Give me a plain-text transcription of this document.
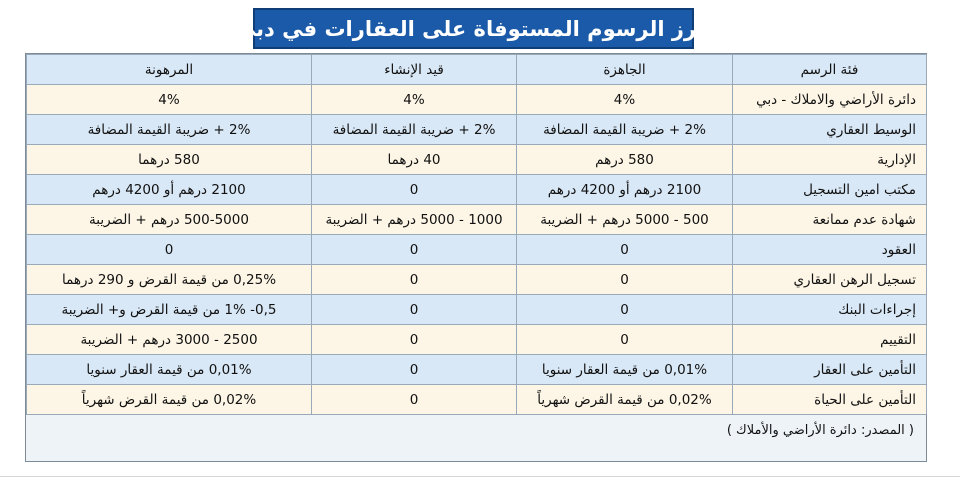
أبرز الرسوم المستوفاة على العقارات في دبي
فئة الرسم	الجاهزة	قيد الإنشاء	المرهونة
دائرة الأراضي والاملاك - دبي	4%	4%	4%
الوسيط العقاري	2% + ضريبة القيمة المضافة	2% + ضريبة القيمة المضافة	2% + ضريبة القيمة المضافة
الإدارية	580 درهم	40 درهما	580 درهما
مكتب امين التسجيل	2100 درهم أو 4200 درهم	0	2100 درهم أو 4200 درهم
شهادة عدم ممانعة	500 - 5000 درهم + الضريبة	1000 - 5000 درهم + الضريبة	500-5000 درهم + الضريبة
العقود	0	0	0
تسجيل الرهن العقاري	0	0	0,25% من قيمة القرض و 290 درهما
إجراءات البنك	0	0	0,5- 1% من قيمة القرض و+ الضريبة
التقييم	0	0	2500 - 3000 درهم + الضريبة
التأمين على العقار	0,01% من قيمة العقار سنويا	0	0,01% من قيمة العقار سنويا
التأمين على الحياة	0,02% من قيمة القرض شهرياً	0	0,02% من قيمة القرض شهرياً
( المصدر: دائرة الأراضي والأملاك )
